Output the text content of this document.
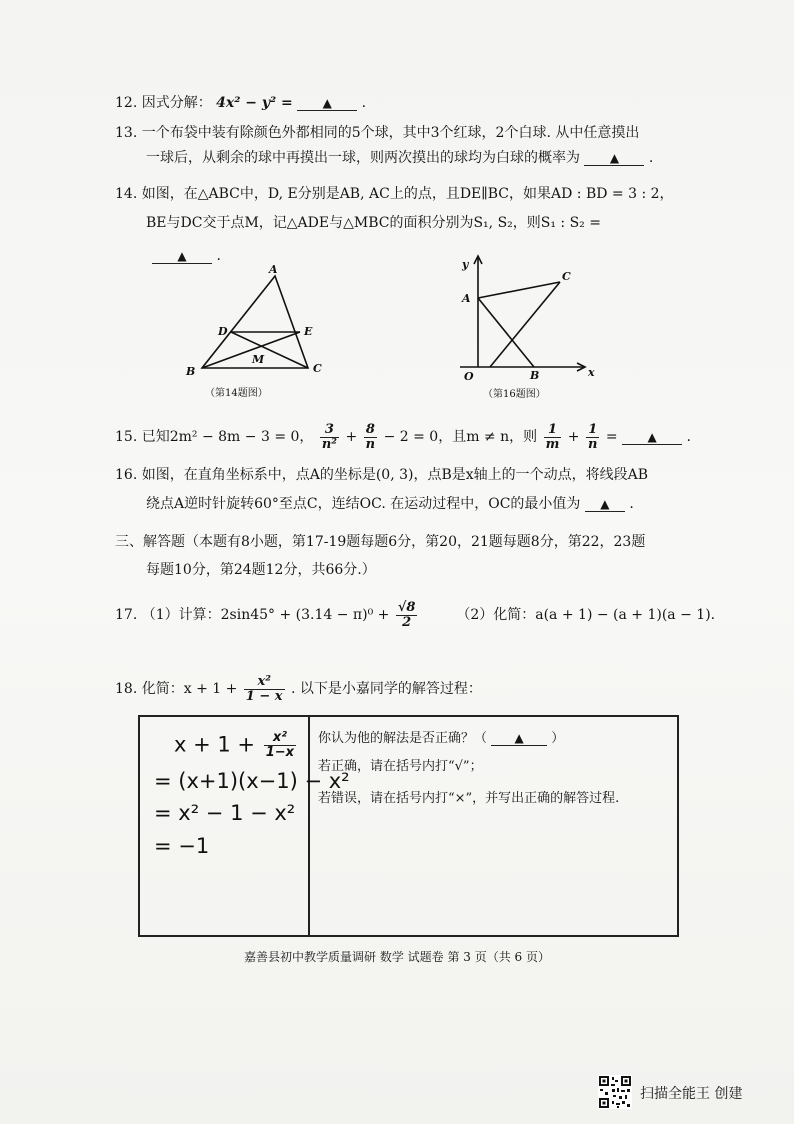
12. 因式分解： 4x² − y² = ▲ .
13. 一个布袋中装有除颜色外都相同的5个球，其中3个红球，2个白球. 从中任意摸出
一球后，从剩余的球中再摸出一球，则两次摸出的球均为白球的概率为 ▲ .
14. 如图，在△ABC中，D, E分别是AB, AC上的点，且DE∥BC，如果AD : BD = 3 : 2，
BE与DC交于点M，记△ADE与△MBC的面积分别为S₁, S₂，则S₁ : S₂ =
▲ .
A
B	C
D	E
M
（第14题图）
y
x
O
A
B
C
（第16题图）
15. 已知2m² − 8m − 3 = 0， $\frac{3}{\text{n²}} + \frac{8}{n} - 2 = 0$，且m ≠ n，则 $\frac{1}{m} + \frac{1}{n}$ = ▲ .
16. 如图，在直角坐标系中，点A的坐标是(0, 3)，点B是x轴上的一个动点，将线段AB
绕点A逆时针旋转60°至点C，连结OC. 在运动过程中，OC的最小值为 ▲ .
三、解答题（本题有8小题，第17-19题每题6分，第20，21题每题8分，第22，23题
每题10分，第24题12分，共66分.）
17. （1）计算：$2\sin 45^\circ + (3.14 - \pi)^0 + \frac{√8}{2}$	（2）化简：a(a + 1) − (a + 1)(a − 1).
18. 化简：$x + 1 + \frac{\text{x²}}{1 - x}$ . 以下是小嘉同学的解答过程：
$x + 1 + \frac{\text{x²}}{1-x}$
= (x+1)(x−1) − x²
= x² − 1 − x²
= −1
你认为他的解法是否正确？（ ▲ ）
若正确，请在括号内打“√”；
若错误，请在括号内打“×”，并写出正确的解答过程.
嘉善县初中教学质量调研 数学 试题卷 第 3 页（共 6 页）
扫描全能王 创建
